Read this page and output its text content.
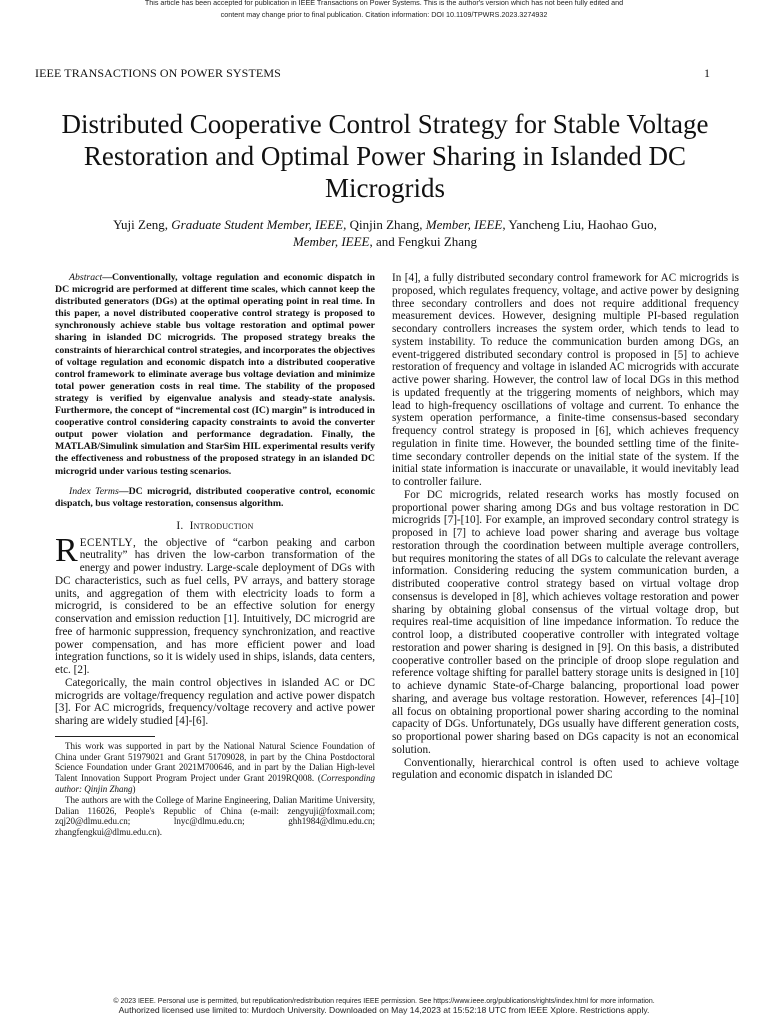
This article has been accepted for publication in IEEE Transactions on Power Systems. This is the author's version which has not been fully edited and
content may change prior to final publication. Citation information: DOI 10.1109/TPWRS.2023.3274932
IEEE TRANSACTIONS ON POWER SYSTEMS	1
Distributed Cooperative Control Strategy for Stable Voltage Restoration and Optimal Power Sharing in Islanded DC Microgrids
Yuji Zeng, Graduate Student Member, IEEE, Qinjin Zhang, Member, IEEE, Yancheng Liu, Haohao Guo, Member, IEEE, and Fengkui Zhang

Abstract—Conventionally, voltage regulation and economic dispatch in DC microgrid are performed at different time scales, which cannot keep the distributed generators (DGs) at the optimal operating point in real time. In this paper, a novel distributed cooperative control strategy is proposed to synchronously achieve stable bus voltage restoration and optimal power sharing in islanded DC microgrids. The proposed strategy breaks the constraints of hierarchical control strategies, and incorporates the objectives of voltage regulation and economic dispatch into a distributed cooperative control framework to eliminate average bus voltage deviation and minimize total power generation costs in real time. The stability of the proposed strategy is verified by eigenvalue analysis and steady-state analysis. Furthermore, the concept of “incremental cost (IC) margin” is introduced in cooperative control considering capacity constraints to avoid the converter output power violation and performance degradation. Finally, the MATLAB/Simulink simulation and StarSim HIL experimental results verify the effectiveness and robustness of the proposed strategy in an islanded DC microgrid under various testing scenarios.

Index Terms—DC microgrid, distributed cooperative control, economic dispatch, bus voltage restoration, consensus algorithm.

I. Introduction

RECENTLY, the objective of “carbon peaking and carbon neutrality” has driven the low-carbon transformation of the energy and power industry. Large-scale deployment of DGs with DC characteristics, such as fuel cells, PV arrays, and battery storage units, and aggregation of them with electricity loads to form a microgrid, is considered to be an effective solution for energy conservation and emission reduction [1]. Intuitively, DC microgrid are free of harmonic suppression, frequency synchronization, and reactive power compensation, and has more efficient power and load integration functions, so it is widely used in ships, islands, data centers, etc. [2].

Categorically, the main control objectives in islanded AC or DC microgrids are voltage/frequency regulation and active power dispatch [3]. For AC microgrids, frequency/voltage recovery and active power sharing are widely studied [4]-[6].

This work was supported in part by the National Natural Science Foundation of China under Grant 51979021 and Grant 51709028, in part by the China Postdoctoral Science Foundation under Grant 2021M700646, and in part by the Dalian High-level Talent Innovation Support Program Project under Grant 2019RQ008. (Corresponding author: Qinjin Zhang)

The authors are with the College of Marine Engineering, Dalian Maritime University, Dalian 116026, People's Republic of China (e-mail: zengyuji@foxmail.com; zqj20@dlmu.edu.cn; lnyc@dlmu.edu.cn; ghh1984@dlmu.edu.cn; zhangfengkui@dlmu.edu.cn).

In [4], a fully distributed secondary control framework for AC microgrids is proposed, which regulates frequency, voltage, and active power by designing three secondary controllers and does not require additional frequency measurement devices. However, designing multiple PI-based regulation secondary controllers increases the system order, which tends to lead to system instability. To reduce the communication burden among DGs, an event-triggered distributed secondary control is proposed in [5] to achieve restoration of frequency and voltage in islanded AC microgrids with accurate active power sharing. However, the control law of local DGs in this method is updated frequently at the triggering moments of neighbors, which may lead to high-frequency oscillations of voltage and current. To enhance the system operation performance, a finite-time consensus-based secondary frequency control strategy is proposed in [6], which achieves frequency regulation in finite time. However, the bounded settling time of the finite-time secondary controller depends on the initial state of the system. If the initial state information is inaccurate or unavailable, it would inevitably lead to controller failure.

For DC microgrids, related research works has mostly focused on proportional power sharing among DGs and bus voltage restoration in DC microgrids [7]-[10]. For example, an improved secondary control strategy is proposed in [7] to achieve load power sharing and average bus voltage restoration through the coordination between multiple average controllers, but requires monitoring the states of all DGs to calculate the relevant average information. Considering reducing the system communication burden, a distributed cooperative control strategy based on virtual voltage drop consensus is developed in [8], which achieves voltage restoration and power sharing by obtaining global consensus of the virtual voltage drop, but requires real-time acquisition of line impedance information. To reduce the control loop, a distributed cooperative controller with integrated voltage restoration and power sharing is designed in [9]. On this basis, a distributed cooperative controller based on the principle of droop slope regulation and reference voltage shifting for parallel battery storage units is designed in [10] to achieve dynamic State-of-Charge balancing, proportional load power sharing, and average bus voltage restoration. However, references [4]–[10] all focus on obtaining proportional power sharing according to the nominal capacity of DGs. Unfortunately, DGs usually have different generation costs, so proportional power sharing based on DGs capacity is not an economical solution.

Conventionally, hierarchical control is often used to achieve voltage regulation and economic dispatch in islanded DC

© 2023 IEEE. Personal use is permitted, but republication/redistribution requires IEEE permission. See https://www.ieee.org/publications/rights/index.html for more information.
Authorized licensed use limited to: Murdoch University. Downloaded on May 14,2023 at 15:52:18 UTC from IEEE Xplore. Restrictions apply.
